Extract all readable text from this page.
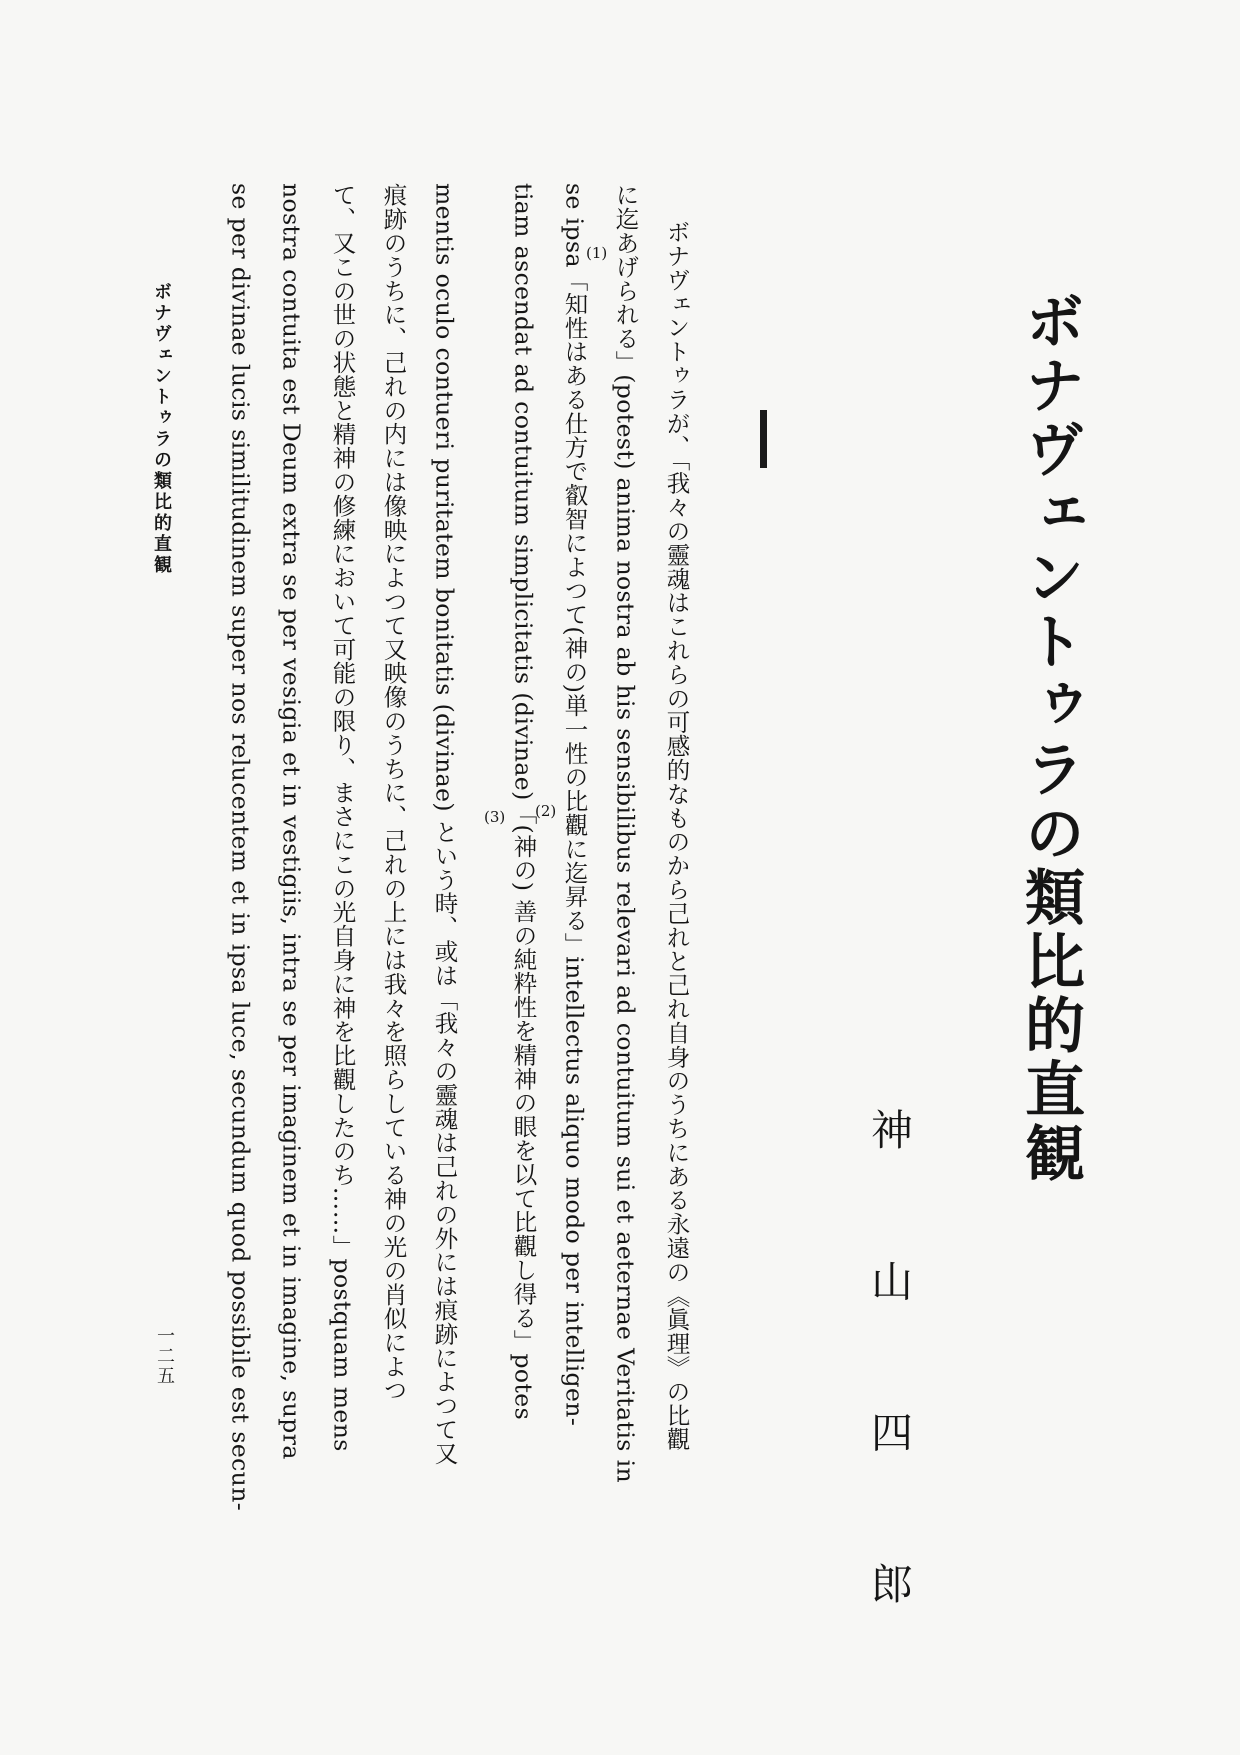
ボナヴェントゥラの類比的直観
神 山 四 郎
　ボナヴェントゥラが、「我々の靈魂はこれらの可感的なものから己れと己れ自身のうちにある永遠の《眞理》の比觀
に迄あげられる」(potest) anima nostra ab his sensibilibus relevari ad contuitum sui et aeternae Veritatis in
se ipsa「知性はある仕方で叡智によつて(神の)単一性の比觀に迄昇る」intellectus aliquo modo per intelligen-
tiam ascendat ad contuitum simplicitatis (divinae)「(神の) 善の純粋性を精神の眼を以て比觀し得る」potes
mentis oculo contueri puritatem bonitatis (divinae) という時、或は「我々の靈魂は己れの外には痕跡によつて又
痕跡のうちに、己れの内には像映によつて又映像のうちに、己れの上には我々を照らしている神の光の肖似によつ
て、又この世の状態と精神の修練において可能の限り、まさにこの光自身に神を比觀したのち……」postquam mens
nostra contuita est Deum extra se per vesigia et in vestigiis, intra se per imaginem et in imagine, supra
se per divinae lucis similitudinem super nos relucentem et in ipsa luce, secundum quod possibile est secun-	(1)
(2)
(3)
ボナヴェントゥラの類比的直観
一二五
